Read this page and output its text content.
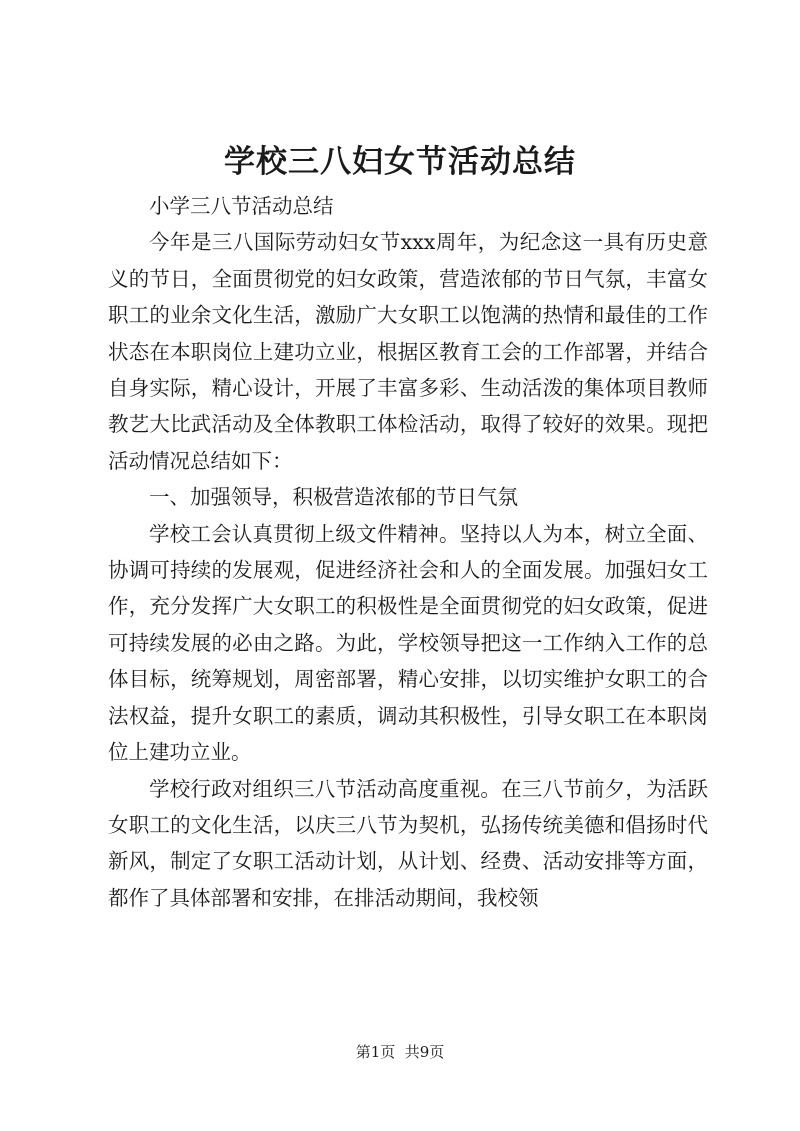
学校三八妇女节活动总结

小学三八节活动总结

今年是三八国际劳动妇女节xxx周年，为纪念这一具有历史意义的节日，全面贯彻党的妇女政策，营造浓郁的节日气氛，丰富女职工的业余文化生活，激励广大女职工以饱满的热情和最佳的工作状态在本职岗位上建功立业，根据区教育工会的工作部署，并结合自身实际，精心设计，开展了丰富多彩、生动活泼的集体项目教师教艺大比武活动及全体教职工体检活动，取得了较好的效果。现把活动情况总结如下：

一、加强领导，积极营造浓郁的节日气氛

学校工会认真贯彻上级文件精神。坚持以人为本，树立全面、协调可持续的发展观，促进经济社会和人的全面发展。加强妇女工作，充分发挥广大女职工的积极性是全面贯彻党的妇女政策，促进可持续发展的必由之路。为此，学校领导把这一工作纳入工作的总体目标，统筹规划，周密部署，精心安排，以切实维护女职工的合法权益，提升女职工的素质，调动其积极性，引导女职工在本职岗位上建功立业。

学校行政对组织三八节活动高度重视。在三八节前夕，为活跃女职工的文化生活，以庆三八节为契机，弘扬传统美德和倡扬时代新风，制定了女职工活动计划，从计划、经费、活动安排等方面，都作了具体部署和安排，在排活动期间，我校领

第1页  共9页
